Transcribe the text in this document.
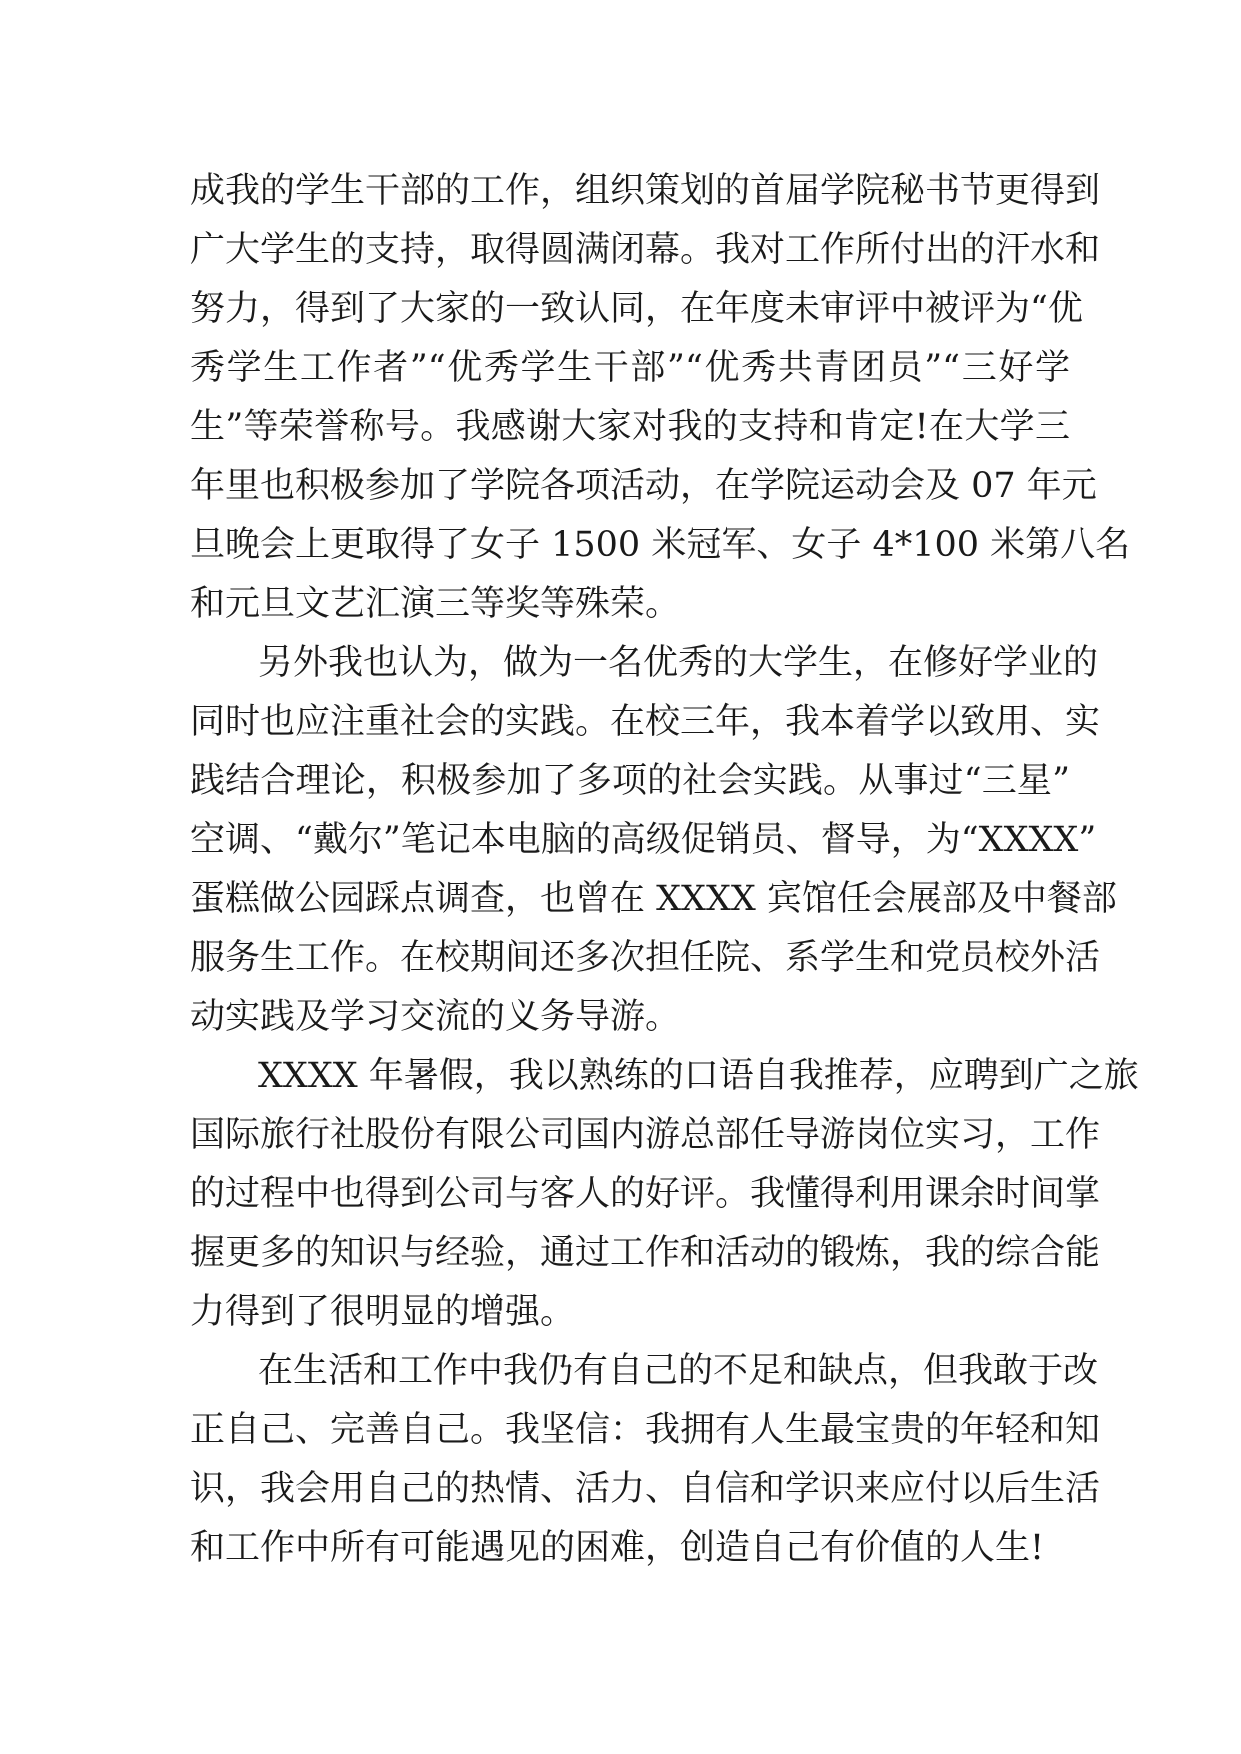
成我的学生干部的工作，组织策划的首届学院秘书节更得到
广大学生的支持，取得圆满闭幕。我对工作所付出的汗水和
努力，得到了大家的一致认同，在年度未审评中被评为“优
秀学生工作者”“优秀学生干部”“优秀共青团员”“三好学
生”等荣誉称号。我感谢大家对我的支持和肯定!在大学三
年里也积极参加了学院各项活动，在学院运动会及 07 年元
旦晚会上更取得了女子 1500 米冠军、女子 4*100 米第八名
和元旦文艺汇演三等奖等殊荣。
另外我也认为，做为一名优秀的大学生，在修好学业的
同时也应注重社会的实践。在校三年，我本着学以致用、实
践结合理论，积极参加了多项的社会实践。从事过“三星”
空调、“戴尔”笔记本电脑的高级促销员、督导，为“XXXX”
蛋糕做公园踩点调查，也曾在 XXXX 宾馆任会展部及中餐部
服务生工作。在校期间还多次担任院、系学生和党员校外活
动实践及学习交流的义务导游。
XXXX 年暑假，我以熟练的口语自我推荐，应聘到广之旅
国际旅行社股份有限公司国内游总部任导游岗位实习，工作
的过程中也得到公司与客人的好评。我懂得利用课余时间掌
握更多的知识与经验，通过工作和活动的锻炼，我的综合能
力得到了很明显的增强。
在生活和工作中我仍有自己的不足和缺点，但我敢于改
正自己、完善自己。我坚信：我拥有人生最宝贵的年轻和知
识，我会用自己的热情、活力、自信和学识来应付以后生活
和工作中所有可能遇见的困难，创造自己有价值的人生!
